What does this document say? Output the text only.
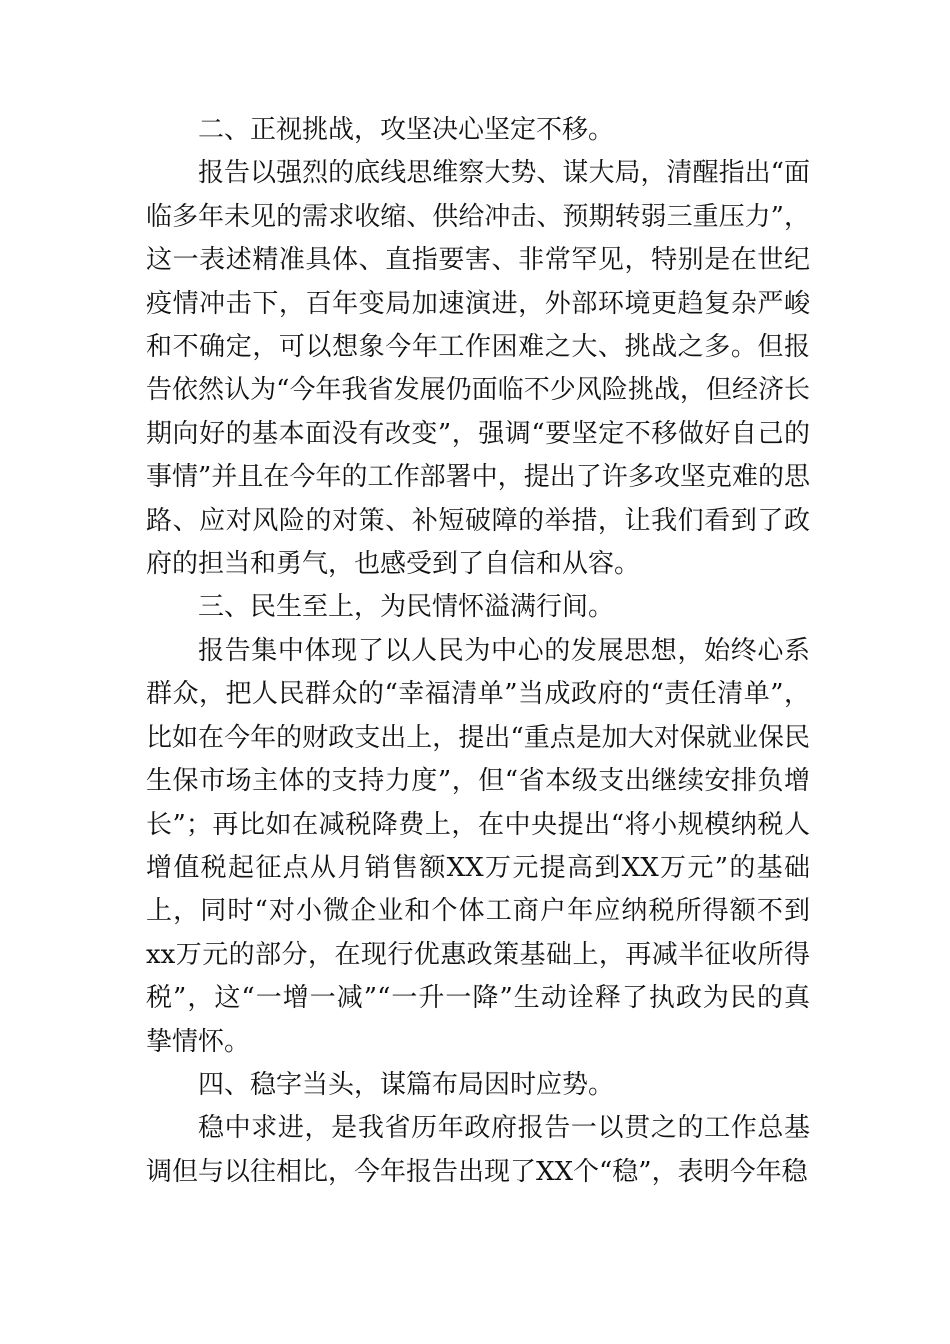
二、正视挑战，攻坚决心坚定不移。

报告以强烈的底线思维察大势、谋大局，清醒指出“面临多年未见的需求收缩、供给冲击、预期转弱三重压力”，这一表述精准具体、直指要害、非常罕见，特别是在世纪疫情冲击下，百年变局加速演进，外部环境更趋复杂严峻和不确定，可以想象今年工作困难之大、挑战之多。但报告依然认为“今年我省发展仍面临不少风险挑战，但经济长期向好的基本面没有改变”，强调“要坚定不移做好自己的事情”并且在今年的工作部署中，提出了许多攻坚克难的思路、应对风险的对策、补短破障的举措，让我们看到了政府的担当和勇气，也感受到了自信和从容。

三、民生至上，为民情怀溢满行间。

报告集中体现了以人民为中心的发展思想，始终心系群众，把人民群众的“幸福清单”当成政府的“责任清单”，比如在今年的财政支出上，提出“重点是加大对保就业保民生保市场主体的支持力度”，但“省本级支出继续安排负增长”；再比如在减税降费上，在中央提出“将小规模纳税人增值税起征点从月销售额XX万元提高到XX万元”的基础上，同时“对小微企业和个体工商户年应纳税所得额不到xx万元的部分，在现行优惠政策基础上，再减半征收所得税”，这“一增一减”“一升一降”生动诠释了执政为民的真挚情怀。

四、稳字当头，谋篇布局因时应势。

稳中求进，是我省历年政府报告一以贯之的工作总基调但与以往相比，今年报告出现了XX个“稳”，表明今年稳
